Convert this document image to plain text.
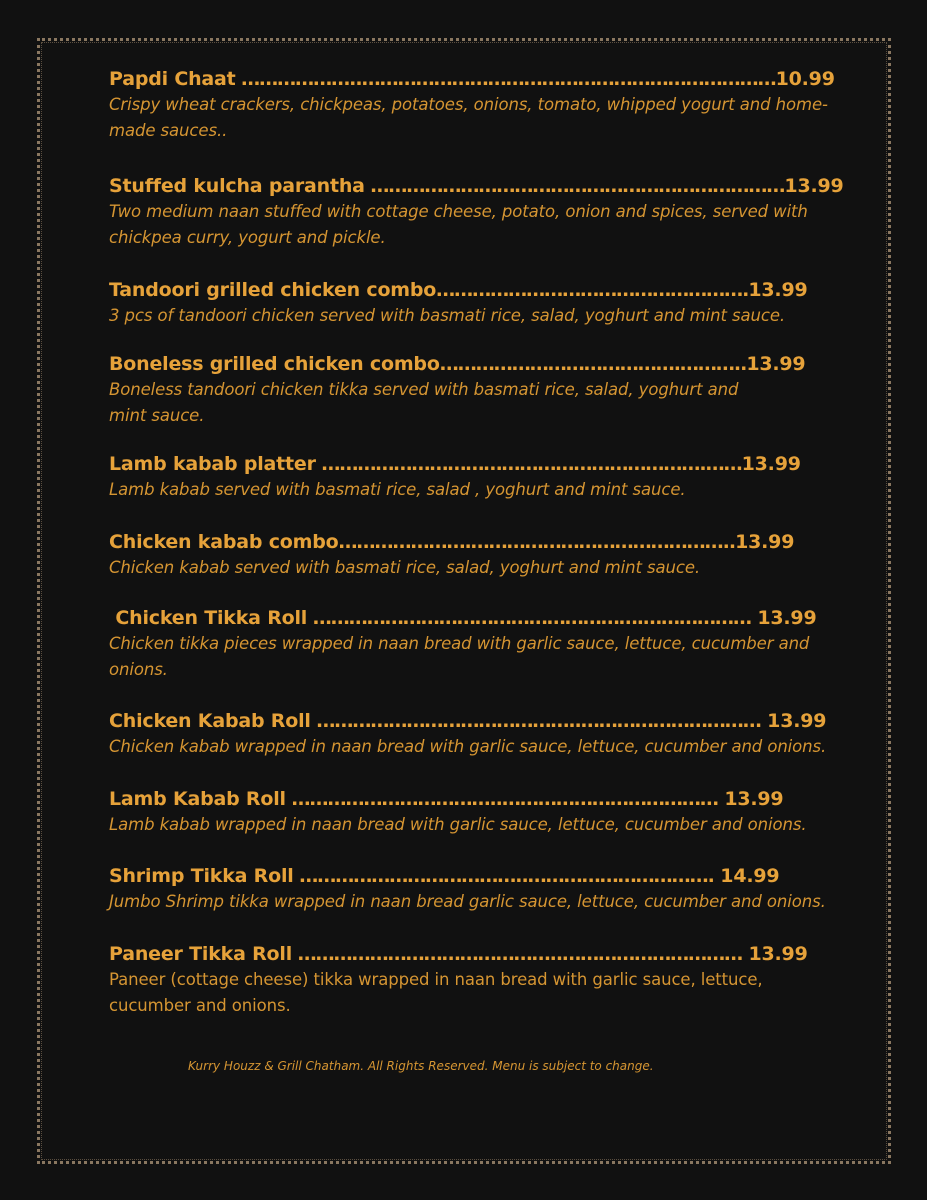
Papdi Chaat ………………..……………………………………………………………10.99
Crispy wheat crackers, chickpeas, potatoes, onions, tomato, whipped yogurt and home-made sauces..
Stuffed kulcha parantha ……………………………………………………………13.99
Two medium naan stuffed with cottage cheese, potato, onion and spices, served with chickpea curry, yogurt and pickle.
Tandoori grilled chicken combo…………………………………………….13.99
3 pcs of tandoori chicken served with basmati rice, salad, yoghurt and mint sauce.
Boneless grilled chicken combo………………………………….………..13.99
Boneless tandoori chicken tikka served with basmati rice, salad, yoghurt and mint sauce.
Lamb kabab platter ……………………………………………………….……13.99
Lamb kabab served with basmati rice, salad , yoghurt and mint sauce.
Chicken kabab combo………………….……………………………………..13.99
Chicken kabab served with basmati rice, salad, yoghurt and mint sauce.
Chicken Tikka Roll ……………………………………………….……………… 13.99
Chicken tikka pieces wrapped in naan bread with garlic sauce, lettuce, cucumber and onions.
Chicken Kabab Roll ……………………………………..………………………… 13.99
Chicken kabab wrapped in naan bread with garlic sauce, lettuce, cucumber and onions.
Lamb Kabab Roll ……………………………..……………………………… 13.99
Lamb kabab wrapped in naan bread with garlic sauce, lettuce, cucumber and onions.
Shrimp Tikka Roll ………………………………..…………………………. 14.99
Jumbo Shrimp tikka wrapped in naan bread garlic sauce, lettuce, cucumber and onions.
Paneer Tikka Roll ……………………………………..………………………… 13.99
Paneer (cottage cheese) tikka wrapped in naan bread with garlic sauce, lettuce, cucumber and onions.
Kurry Houzz & Grill Chatham. All Rights Reserved. Menu is subject to change.
